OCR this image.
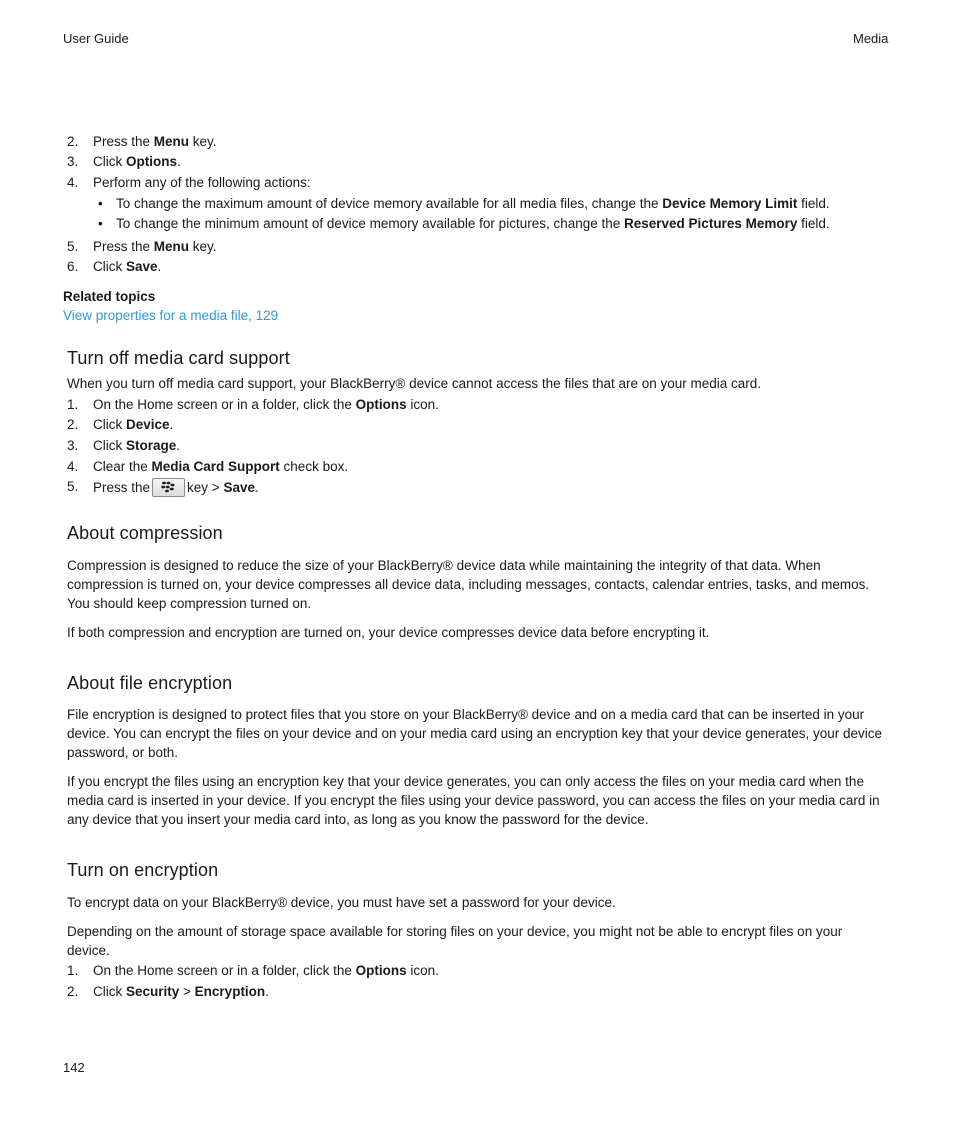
User Guide	Media
2.	Press the Menu key.
3.	Click Options.
4.	Perform any of the following actions:
• To change the maximum amount of device memory available for all media files, change the Device Memory Limit field.
• To change the minimum amount of device memory available for pictures, change the Reserved Pictures Memory field.
5.	Press the Menu key.
6.	Click Save.
Related topics
View properties for a media file, 129
Turn off media card support
When you turn off media card support, your BlackBerry® device cannot access the files that are on your media card.
1.	On the Home screen or in a folder, click the Options icon.
2.	Click Device.
3.	Click Storage.
4.	Clear the Media Card Support check box.
5.	Press the	key > Save.
About compression
Compression is designed to reduce the size of your BlackBerry® device data while maintaining the integrity of that data. When compression is turned on, your device compresses all device data, including messages, contacts, calendar entries, tasks, and memos. You should keep compression turned on.
If both compression and encryption are turned on, your device compresses device data before encrypting it.
About file encryption
File encryption is designed to protect files that you store on your BlackBerry® device and on a media card that can be inserted in your device. You can encrypt the files on your device and on your media card using an encryption key that your device generates, your device password, or both.
If you encrypt the files using an encryption key that your device generates, you can only access the files on your media card when the media card is inserted in your device. If you encrypt the files using your device password, you can access the files on your media card in any device that you insert your media card into, as long as you know the password for the device.
Turn on encryption
To encrypt data on your BlackBerry® device, you must have set a password for your device.
Depending on the amount of storage space available for storing files on your device, you might not be able to encrypt files on your device.
1.	On the Home screen or in a folder, click the Options icon.
2.	Click Security > Encryption.
142
